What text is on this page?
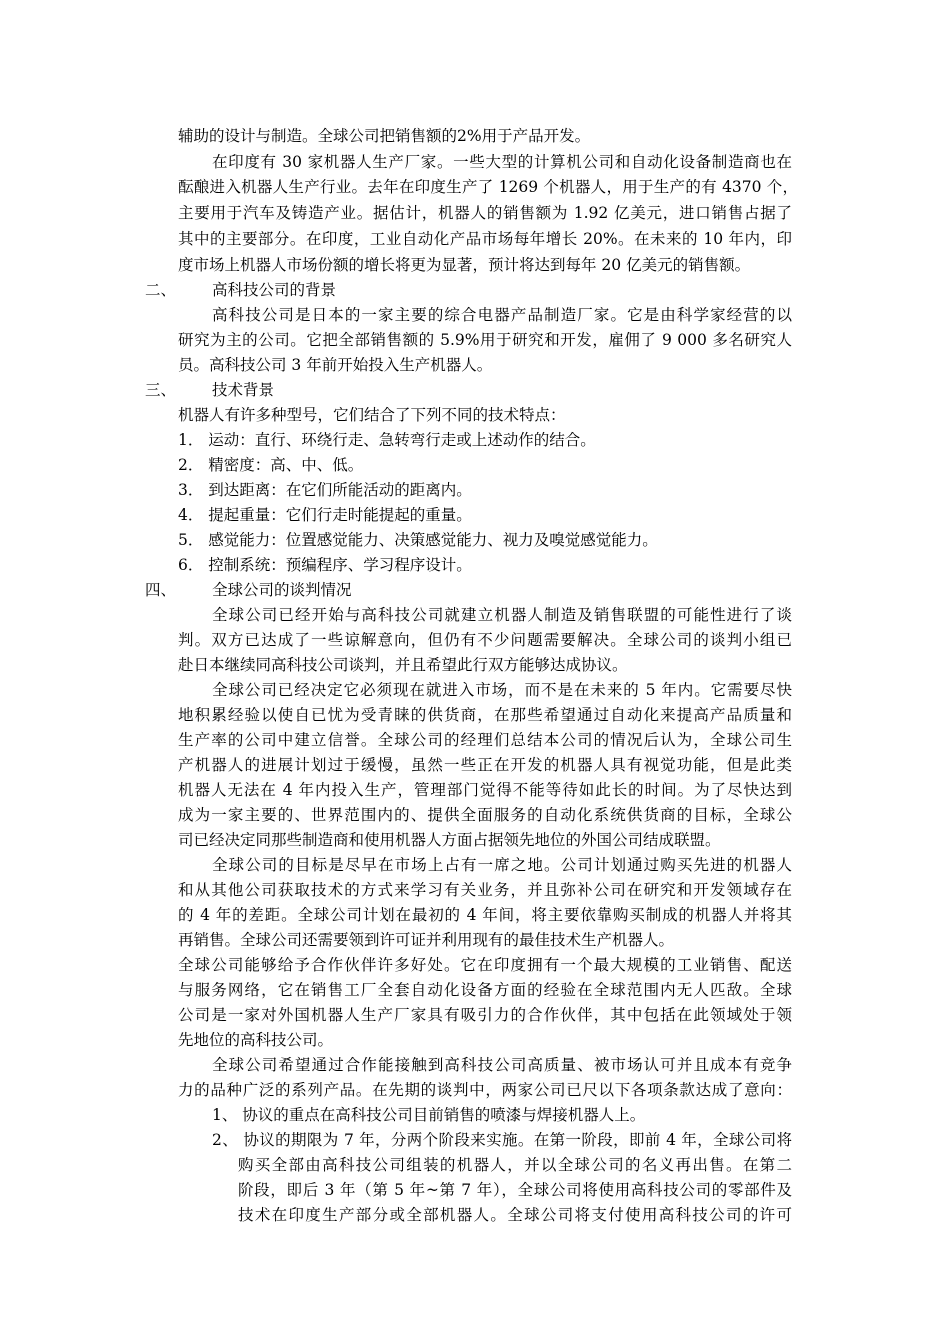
辅助的设计与制造。全球公司把销售额的2%用于产品开发。

在印度有 30 家机器人生产厂家。一些大型的计算机公司和自动化设备制造商也在

酝酿进入机器人生产行业。去年在印度生产了 1269 个机器人，用于生产的有 4370 个，

主要用于汽车及铸造产业。据估计，机器人的销售额为 1.92 亿美元，进口销售占据了

其中的主要部分。在印度，工业自动化产品市场每年增长 20%。在未来的 10 年内，印

度市场上机器人市场份额的增长将更为显著，预计将达到每年 20 亿美元的销售额。

二、 高科技公司的背景

高科技公司是日本的一家主要的综合电器产品制造厂家。它是由科学家经营的以

研究为主的公司。它把全部销售额的 5.9%用于研究和开发，雇佣了 9 000 多名研究人

员。高科技公司 3 年前开始投入生产机器人。

三、 技术背景

机器人有许多种型号，它们结合了下列不同的技术特点：

1． 运动：直行、环绕行走、急转弯行走或上述动作的结合。

2． 精密度：高、中、低。

3． 到达距离：在它们所能活动的距离内。

4． 提起重量：它们行走时能提起的重量。

5． 感觉能力：位置感觉能力、决策感觉能力、视力及嗅觉感觉能力。

6． 控制系统：预编程序、学习程序设计。

四、 全球公司的谈判情况

全球公司已经开始与高科技公司就建立机器人制造及销售联盟的可能性进行了谈

判。双方已达成了一些谅解意向，但仍有不少问题需要解决。全球公司的谈判小组已

赴日本继续同高科技公司谈判，并且希望此行双方能够达成协议。

全球公司已经决定它必须现在就进入市场，而不是在未来的 5 年内。它需要尽快

地积累经验以使自已忧为受青睐的供货商，在那些希望通过自动化来提高产品质量和

生产率的公司中建立信誉。全球公司的经理们总结本公司的情况后认为，全球公司生

产机器人的进展计划过于缓慢，虽然一些正在开发的机器人具有视觉功能，但是此类

机器人无法在 4 年内投入生产，管理部门觉得不能等待如此长的时间。为了尽快达到

成为一家主要的、世界范围内的、提供全面服务的自动化系统供货商的目标，全球公

司已经决定同那些制造商和使用机器人方面占据领先地位的外国公司结成联盟。

全球公司的目标是尽早在市场上占有一席之地。公司计划通过购买先进的机器人

和从其他公司获取技术的方式来学习有关业务，并且弥补公司在研究和开发领域存在

的 4 年的差距。全球公司计划在最初的 4 年间，将主要依靠购买制成的机器人并将其

再销售。全球公司还需要领到许可证并利用现有的最佳技术生产机器人。

全球公司能够给予合作伙伴许多好处。它在印度拥有一个最大规模的工业销售、配送

与服务网络，它在销售工厂全套自动化设备方面的经验在全球范围内无人匹敌。全球

公司是一家对外国机器人生产厂家具有吸引力的合作伙伴，其中包括在此领域处于领

先地位的高科技公司。

全球公司希望通过合作能接触到高科技公司高质量、被市场认可并且成本有竞争

力的品种广泛的系列产品。在先期的谈判中，两家公司已尺以下各项条款达成了意向：

1、 协议的重点在高科技公司目前销售的喷漆与焊接机器人上。

2、 协议的期限为 7 年，分两个阶段来实施。在第一阶段，即前 4 年，全球公司将

购买全部由高科技公司组装的机器人，并以全球公司的名义再出售。在第二

阶段，即后 3 年（第 5 年~第 7 年），全球公司将使用高科技公司的零部件及

技术在印度生产部分或全部机器人。全球公司将支付使用高科技公司的许可
